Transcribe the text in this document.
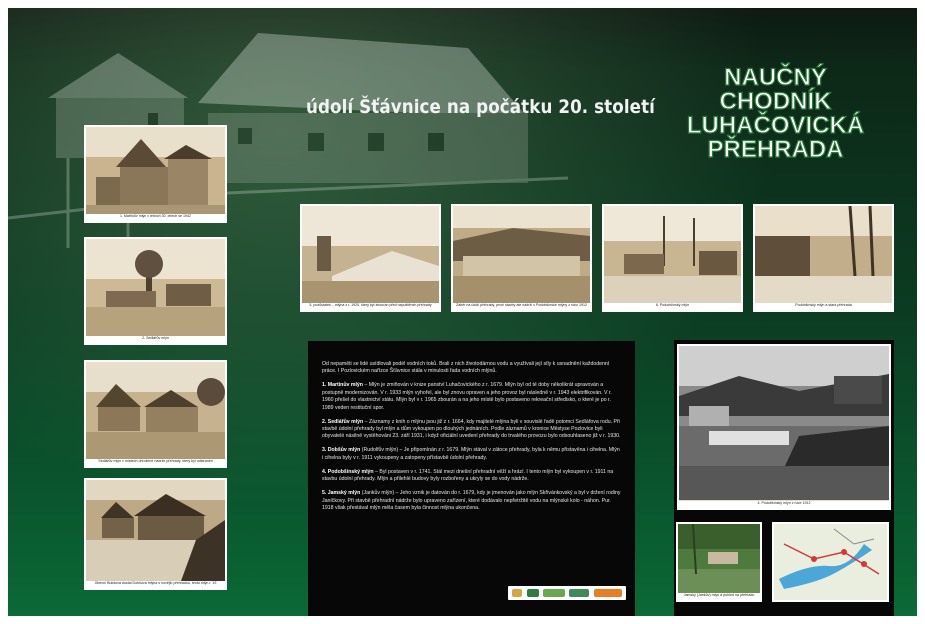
údolí Šťávnice na počátku 20. století
NAUČNÝ
CHODNÍK
LUHAČOVICKÁ
PŘEHRADA
1. Martinův mlýn v letních 30. letech se 1942
2. Sedlářův mlýn
Sedlářův mlýn v místech ohrožené nádrže přehrady, který byl odstraněn
Obecní Bukšova dostal Dobšova mlýna s novější přehradou, tento mlýn r. 19
5. pozůstatek... mlýna z r. 1920, který byl zbourán před napuštěním přehrady	Záběr na údolí přehrady, první stavby ale nádrží v Podobšínské mlýny z roku 1912	6. Podobšínský mlýn	Podobšínský mlýn a stará přehrada

Od nepaměti se lidé usídlovali podél vodních toků. Brali z nich životodárnou vodu a využívali její síly k usnadnění každodenní práce. I Pozlovickém nařízce Šťávnice stála v minulosti řada vodních mlýnů.

1. Martinův mlýn – Mlýn je zmiňován v knize panství Luhačovického z r. 1679. Mlýn byl od té doby několikrát upravován a postupně modernizován. V r. 1933 mlýn vyhořel, ale byl znovu opraven a jeho provoz byl následně v r. 1943 elektrifikován. V r. 1960 přešel do vlastnictví státu. Mlýn byl v r. 1965 zbourán a na jeho místě bylo postaveno rekreační středisko, o které je po r. 1989 veden restituční spor.

2. Sedlářův mlýn – Záznamy z knih o mlýnu jsou již z r. 1664, kdy majitelé mlýna byli v souvislé řadě potomci Sedlářova rodu. Při stavbě údolní přehrady byl mlýn a dům vykoupen po dlouhých jednáních. Podle záznamů v kronice Městyse Pozlovice byli obyvatelé násilně vystěhováni 23. září 1931, i když oficiální uvedení přehrady do trvalého provozu bylo odsouhlaseno již v r. 1930.

3. Dobšův mlýn (Rudolfův mlýn) – Je připomínán z r. 1679. Mlýn stával v zátoce přehrady, byla k němu přistavěna i cihelna. Mlýn i cihelna byly v r. 1911 vykoupeny a zatopeny přístavbě údolní přehrady.

4. Podobšínský mlýn – Byl postaven v r. 1741. Stál mezi dnešní přehradní věží a hrází. I tento mlýn byl vykoupen v r. 1911 na stavbu údolní přehrady. Mlýn a přilehlé budovy byly rozbořeny a ukryly se do vody nádrže.

5. Jamský mlýn (Jankův mlýn) – Jeho vznik je datován do r. 1679, kdy je jmenován jako mlýn Skřivánkovský a byl v držení rodiny Janíčkovy. Při stavbě přehradní nádrže bylo upraveno zařízení, které dodávalo nepřetržitě vodu na mlýnské kolo - náhon. Pur. 1918 však přestával mlýn měla časem byla činnost mlýna ukončena.

4. Podobšínský mlýn v roce 1912
Jamský (Jankův) mlýn a pohled na přehradu
